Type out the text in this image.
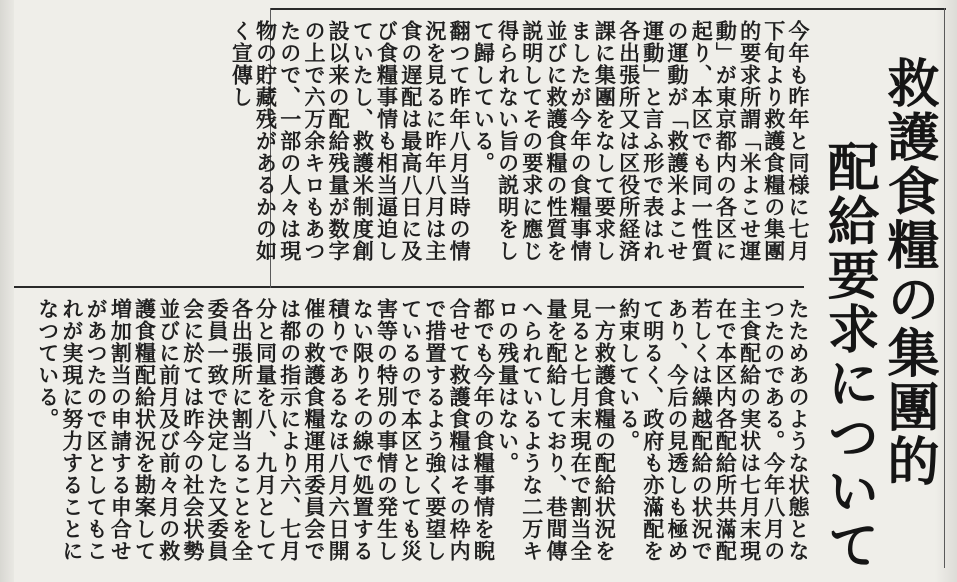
救護食糧の集團的
配給要求について

今年も昨年と同様に七月下旬より救護食糧の集團的要求所謂「米よこせ運動」が東京都内の各区に起り、本区でも同一性質の運動が「救護米よこせ運動」と言ふ形で表はれ各出張所又は区役所経済課に集團をなして要求しましたが今年の食糧事情並びに救護食糧の性質を説明してその要求に應じ得られない旨の説明をして歸している。

翻つて昨年八月当時の情況を見るに昨年八月は主食の遅配は最高八日に及び食糧事情も相当逼迫していたし、救護米制度創設以来の配給残量が数字の上で六万余キロもあつたので、一部の人々は現物の貯藏残があるかの如く宣傳し

たためあのような状態となつたのである。今年八月の主食配給の実状は七月末現在で本区内各配給所共滿配若しくは繰越配給の状況であり、今后の見透しも極めて明るく、政府も亦滿配を約束している。

一方救護食糧の配給状況を見ると七月末現在で割当全量を配給しており、巷間傳へられているような二万キロの残量はない。

都でも今年の食糧事情を睨合せて救護食糧はその枠内で措置するよう強く要望しているので本区としても災害等の特別の事情の発生しない限りその線で処置する積りであるなほ八月六日開催の救護食糧運用委員会では都の指示により六、七月分と同量を八、九月として各出張所に割当ることを全委員一致で決定した又委員会に於ては昨今の社会状勢並びに前月及び前々月の救護食糧配給状況を勘案して増加割当の申請する申合せがあつたので区としてもこれが実現に努力することになつている。
